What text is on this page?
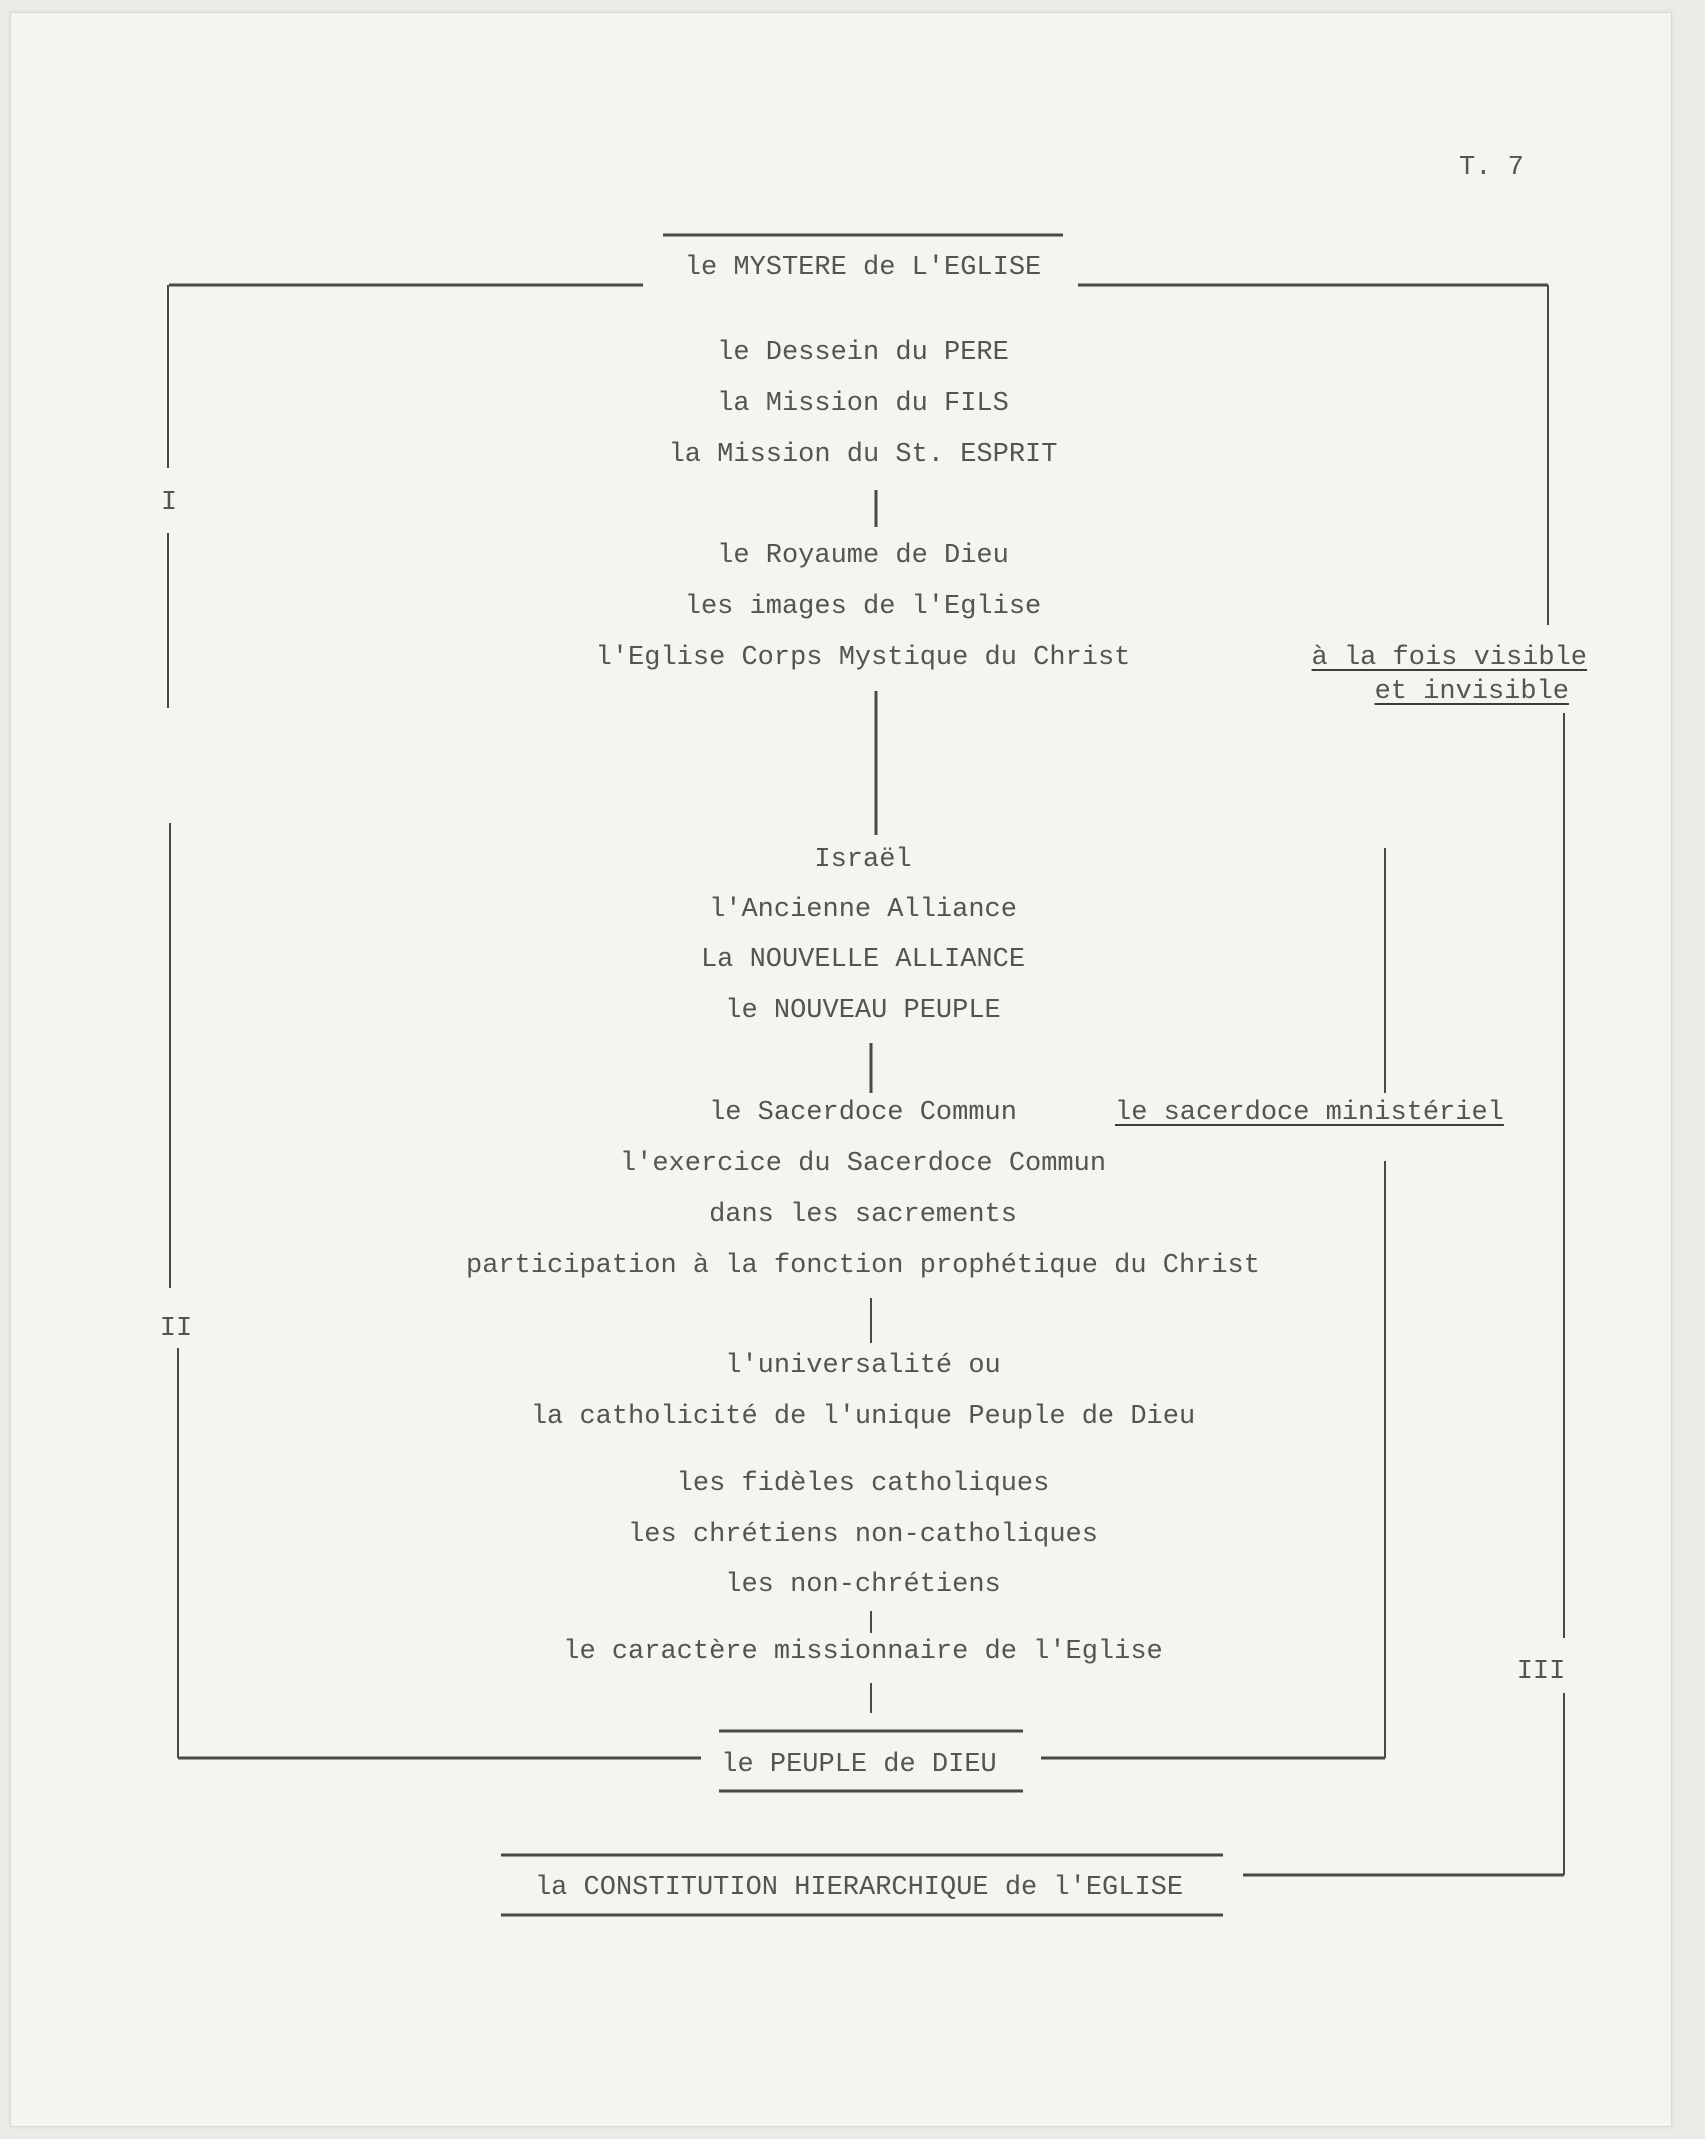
T. 7
I
II
III
le MYSTERE de L'EGLISE
le PEUPLE de DIEU
la CONSTITUTION HIERARCHIQUE de l'EGLISE
le Dessein du PERE
la Mission du FILS
la Mission du St. ESPRIT
le Royaume de Dieu
les images de l'Eglise
l'Eglise Corps Mystique du Christ
Israël
l'Ancienne Alliance
La NOUVELLE ALLIANCE
le NOUVEAU PEUPLE
le Sacerdoce Commun
l'exercice du Sacerdoce Commun
dans les sacrements
participation à la fonction prophétique du Christ
l'universalité ou
la catholicité de l'unique Peuple de Dieu
les fidèles catholiques
les chrétiens non-catholiques
les non-chrétiens
le caractère missionnaire de l'Eglise
à la fois visible
et invisible
le sacerdoce ministériel
